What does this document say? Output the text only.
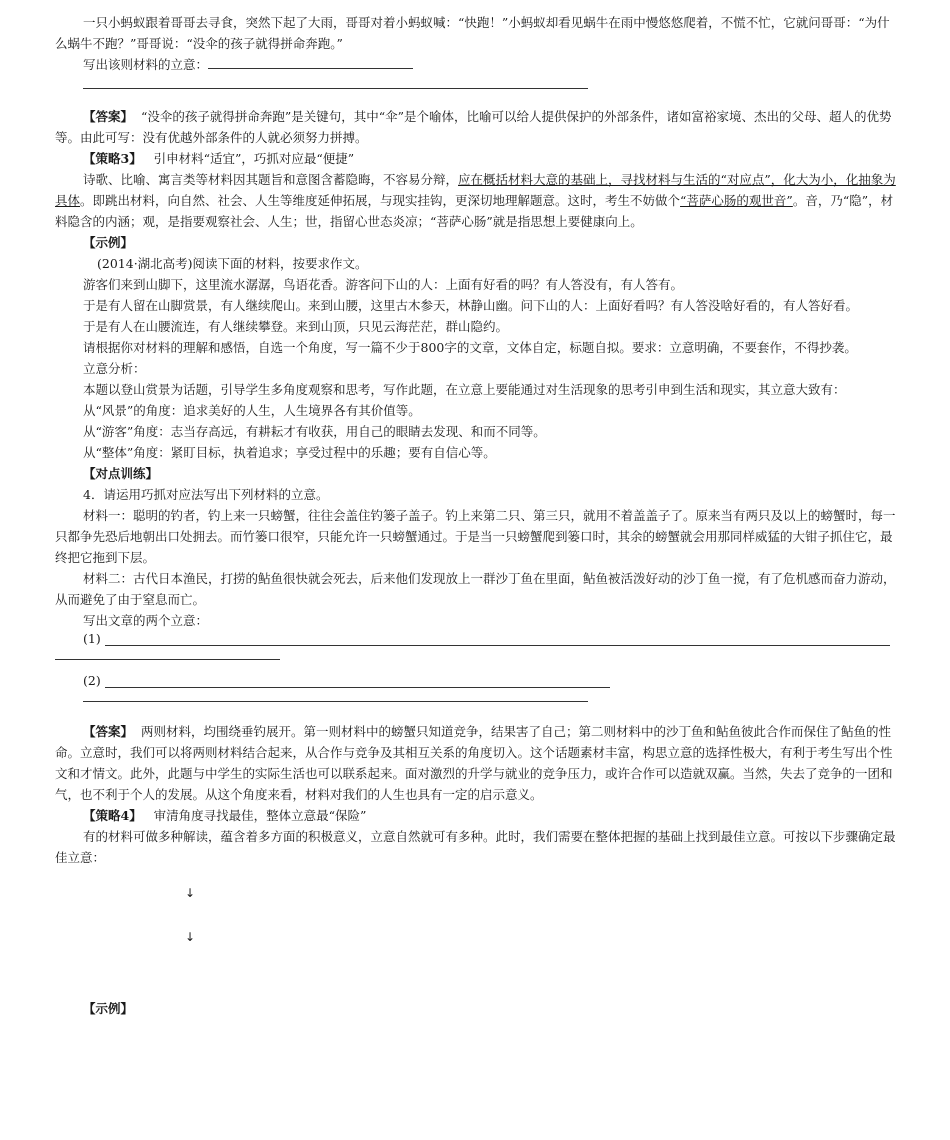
一只小蚂蚁跟着哥哥去寻食，突然下起了大雨，哥哥对着小蚂蚁喊：“快跑！”小蚂蚁却看见蜗牛在雨中慢悠悠爬着，不慌不忙，它就问哥哥：“为什么蜗牛不跑？”哥哥说：“没伞的孩子就得拼命奔跑。”

写出该则材料的立意：

【答案】 “没伞的孩子就得拼命奔跑”是关键句，其中“伞”是个喻体，比喻可以给人提供保护的外部条件，诸如富裕家境、杰出的父母、超人的优势等。由此可写：没有优越外部条件的人就必须努力拼搏。

【策略3】 引申材料“适宜”，巧抓对应最“便捷”

诗歌、比喻、寓言类等材料因其题旨和意图含蓄隐晦，不容易分辩，应在概括材料大意的基础上，寻找材料与生活的“对应点”，化大为小，化抽象为具体。即跳出材料，向自然、社会、人生等维度延伸拓展，与现实挂钩，更深切地理解题意。这时，考生不妨做个“菩萨心肠的观世音”。音，乃“隐”，材料隐含的内涵；观，是指要观察社会、人生；世，指留心世态炎凉；“菩萨心肠”就是指思想上要健康向上。

【示例】

(2014·湖北高考)阅读下面的材料，按要求作文。

游客们来到山脚下，这里流水潺潺，鸟语花香。游客问下山的人：上面有好看的吗？有人答没有，有人答有。

于是有人留在山脚赏景，有人继续爬山。来到山腰，这里古木参天，林静山幽。问下山的人：上面好看吗？有人答没啥好看的，有人答好看。

于是有人在山腰流连，有人继续攀登。来到山顶，只见云海茫茫，群山隐约。

请根据你对材料的理解和感悟，自选一个角度，写一篇不少于800字的文章，文体自定，标题自拟。要求：立意明确，不要套作，不得抄袭。

立意分析：

本题以登山赏景为话题，引导学生多角度观察和思考，写作此题，在立意上要能通过对生活现象的思考引申到生活和现实，其立意大致有：

从“风景”的角度：追求美好的人生，人生境界各有其价值等。

从“游客”角度：志当存高远，有耕耘才有收获，用自己的眼睛去发现、和而不同等。

从“整体”角度：紧盯目标，执着追求；享受过程中的乐趣；要有自信心等。

【对点训练】

4．请运用巧抓对应法写出下列材料的立意。

材料一：聪明的钓者，钓上来一只螃蟹，往往会盖住钓篓子盖子。钓上来第二只、第三只，就用不着盖盖子了。原来当有两只及以上的螃蟹时，每一只都争先恐后地朝出口处拥去。而竹篓口很窄，只能允许一只螃蟹通过。于是当一只螃蟹爬到篓口时，其余的螃蟹就会用那同样威猛的大钳子抓住它，最终把它拖到下层。

材料二：古代日本渔民，打捞的鲇鱼很快就会死去，后来他们发现放上一群沙丁鱼在里面，鲇鱼被活泼好动的沙丁鱼一搅，有了危机感而奋力游动，从而避免了由于窒息而亡。

写出文章的两个立意：

(1)
(2)

【答案】 两则材料，均围绕垂钓展开。第一则材料中的螃蟹只知道竞争，结果害了自己；第二则材料中的沙丁鱼和鲇鱼彼此合作而保住了鲇鱼的性命。立意时，我们可以将两则材料结合起来，从合作与竞争及其相互关系的角度切入。这个话题素材丰富，构思立意的选择性极大，有利于考生写出个性文和才情文。此外，此题与中学生的实际生活也可以联系起来。面对激烈的升学与就业的竞争压力，或许合作可以造就双赢。当然，失去了竞争的一团和气，也不利于个人的发展。从这个角度来看，材料对我们的人生也具有一定的启示意义。

【策略4】 审清角度寻找最佳，整体立意最“保险”

有的材料可做多种解读，蕴含着多方面的积极意义，立意自然就可有多种。此时，我们需要在整体把握的基础上找到最佳立意。可按以下步骤确定最佳立意：

↓
↓

【示例】
